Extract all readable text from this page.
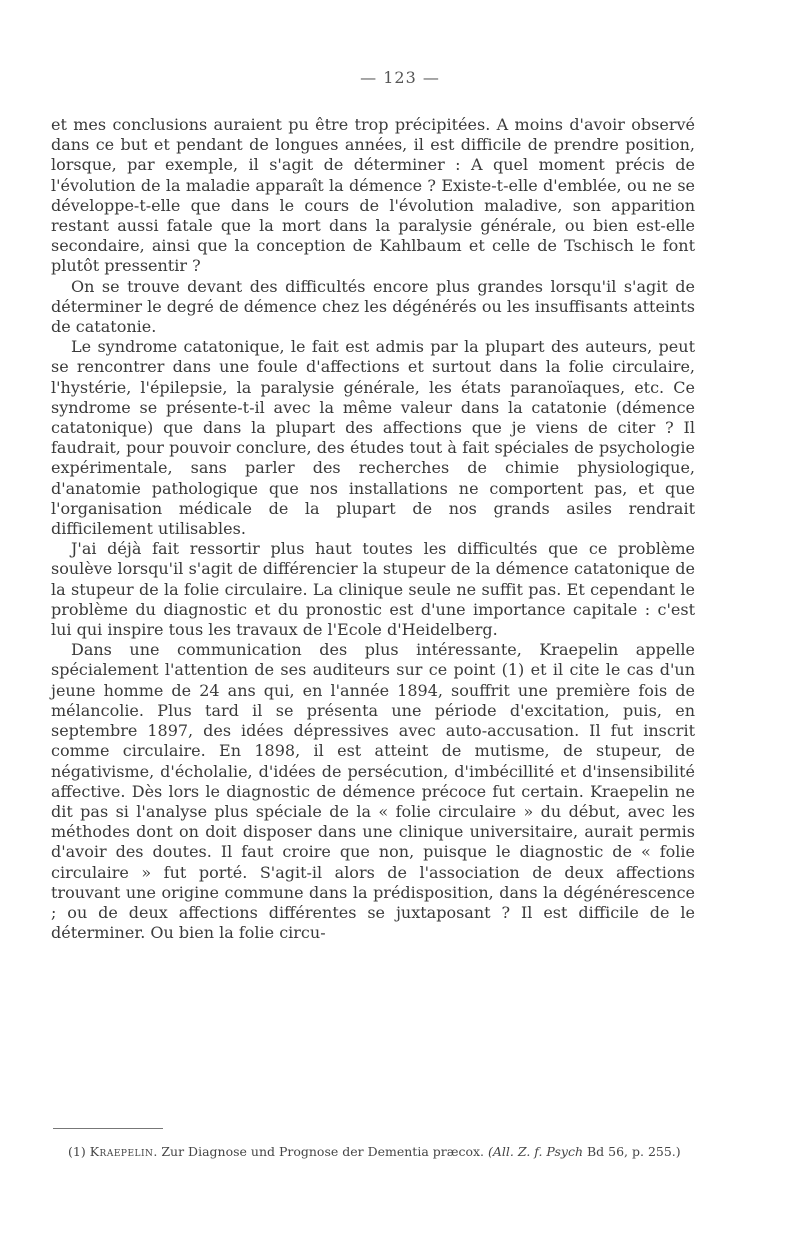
— 123 —

et mes conclusions auraient pu être trop précipitées. A moins d'avoir observé dans ce but et pendant de longues années, il est difficile de prendre position, lorsque, par exemple, il s'agit de déterminer : A quel moment précis de l'évolution de la maladie apparaît la démence ? Existe-t-elle d'emblée, ou ne se développe-t-elle que dans le cours de l'évolution maladive, son apparition restant aussi fatale que la mort dans la paralysie générale, ou bien est-elle secondaire, ainsi que la conception de Kahlbaum et celle de Tschisch le font plutôt pressentir ?

On se trouve devant des difficultés encore plus grandes lorsqu'il s'agit de déterminer le degré de démence chez les dégénérés ou les insuffisants atteints de catatonie.

Le syndrome catatonique, le fait est admis par la plupart des auteurs, peut se rencontrer dans une foule d'affections et surtout dans la folie circulaire, l'hystérie, l'épilepsie, la paralysie générale, les états paranoïaques, etc. Ce syndrome se présente-t-il avec la même valeur dans la catatonie (démence catatonique) que dans la plupart des affections que je viens de citer ? Il faudrait, pour pouvoir conclure, des études tout à fait spéciales de psychologie expérimentale, sans parler des recherches de chimie physiologique, d'anatomie pathologique que nos installations ne comportent pas, et que l'organisation médicale de la plupart de nos grands asiles rendrait difficilement utilisables.

J'ai déjà fait ressortir plus haut toutes les difficultés que ce problème soulève lorsqu'il s'agit de différencier la stupeur de la démence catatonique de la stupeur de la folie circulaire. La clinique seule ne suffit pas. Et cependant le problème du diagnostic et du pronostic est d'une importance capitale : c'est lui qui inspire tous les travaux de l'Ecole d'Heidelberg.

Dans une communication des plus intéressante, Kraepelin appelle spécialement l'attention de ses auditeurs sur ce point (1) et il cite le cas d'un jeune homme de 24 ans qui, en l'année 1894, souffrit une première fois de mélancolie. Plus tard il se présenta une période d'excitation, puis, en septembre 1897, des idées dépressives avec auto-accusation. Il fut inscrit comme circulaire. En 1898, il est atteint de mutisme, de stupeur, de négativisme, d'écholalie, d'idées de persécution, d'imbécillité et d'insensibilité affective. Dès lors le diagnostic de démence précoce fut certain. Kraepelin ne dit pas si l'analyse plus spéciale de la « folie circulaire » du début, avec les méthodes dont on doit disposer dans une clinique universitaire, aurait permis d'avoir des doutes. Il faut croire que non, puisque le diagnostic de « folie circulaire » fut porté. S'agit-il alors de l'association de deux affections trouvant une origine commune dans la prédisposition, dans la dégénérescence ; ou de deux affections différentes se juxtaposant ? Il est difficile de le déterminer. Ou bien la folie circu-

(1) Kraepelin. Zur Diagnose und Prognose der Dementia præcox. (All. Z. f. Psych Bd 56, p. 255.)
